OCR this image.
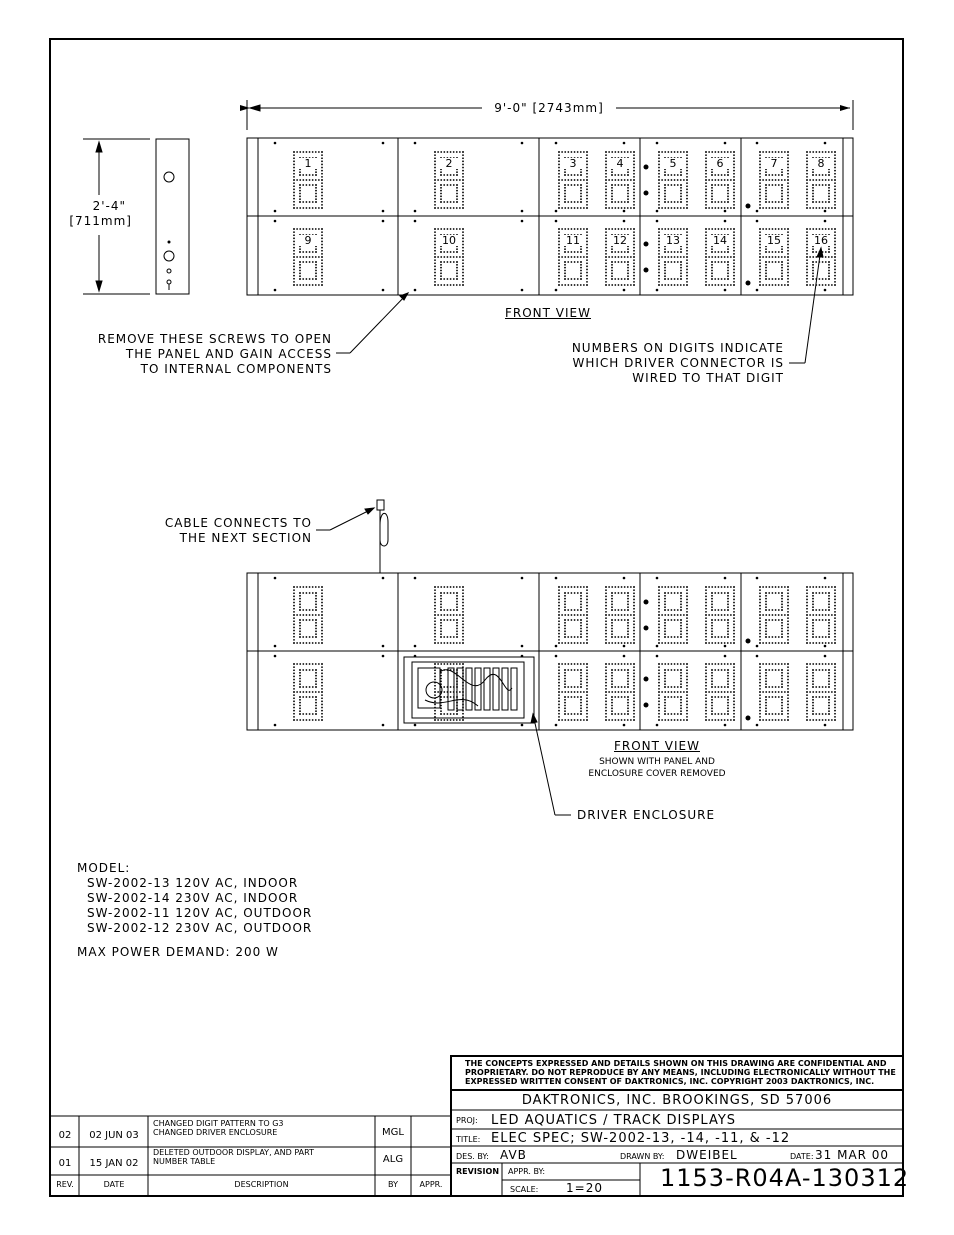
9'-0" [2743mm]
2'-4"
[711mm]
FRONT VIEW
REMOVE THESE SCREWS TO OPEN
THE PANEL AND GAIN ACCESS
TO INTERNAL COMPONENTS
NUMBERS ON DIGITS INDICATE
WHICH DRIVER CONNECTOR IS
WIRED TO THAT DIGIT
CABLE CONNECTS TO
THE NEXT SECTION
FRONT VIEW
SHOWN WITH PANEL AND
ENCLOSURE COVER REMOVED
DRIVER ENCLOSURE
MODEL:
SW-2002-13 120V AC, INDOOR
SW-2002-14 230V AC, INDOOR
SW-2002-11 120V AC, OUTDOOR
SW-2002-12 230V AC, OUTDOOR
MAX POWER DEMAND: 200 W
02	02 JUN 03
CHANGED DIGIT PATTERN TO G3
CHANGED DRIVER ENCLOSURE	MGL
01	15 JAN 02
DELETED OUTDOOR DISPLAY, AND PART
NUMBER TABLE	ALG
REV.	DATE	DESCRIPTION	BY	APPR.
THE CONCEPTS EXPRESSED AND DETAILS SHOWN ON THIS DRAWING ARE CONFIDENTIAL AND
PROPRIETARY. DO NOT REPRODUCE BY ANY MEANS, INCLUDING ELECTRONICALLY WITHOUT THE
EXPRESSED WRITTEN CONSENT OF DAKTRONICS, INC. COPYRIGHT 2003 DAKTRONICS, INC.
DAKTRONICS, INC. BROOKINGS, SD 57006
PROJ: LED AQUATICS / TRACK DISPLAYS
TITLE: ELEC SPEC; SW-2002-13, -14, -11, & -12
DES. BY: AVB	DRAWN BY: DWEIBEL	DATE: 31 MAR 00
REVISION APPR. BY:
SCALE: 1=20 1153-R04A-130312
1	2	3	4	5	6	7	8
9	10	11	12	13	14	15	16
